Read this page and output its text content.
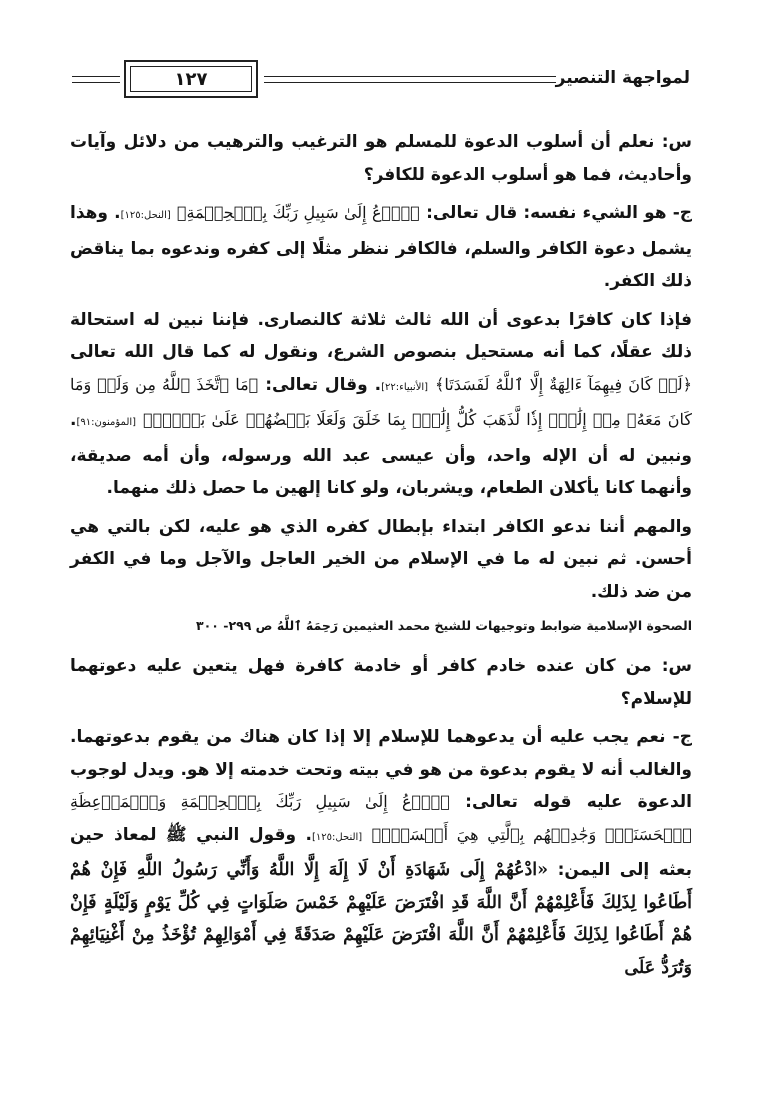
١٢٧	لمواجهة التنصير

س: نعلم أن أسلوب الدعوة للمسلم هو الترغيب والترهيب من دلائل وآيات وأحاديث، فما هو أسلوب الدعوة للكافر؟

ج- هو الشيء نفسه: قال تعالى: ﴿ٱدۡعُ إِلَىٰ سَبِيلِ رَبِّكَ بِٱلۡحِكۡمَةِ﴾ [النحل:١٢٥]. وهذا يشمل دعوة الكافر والسلم، فالكافر ننظر مثلًا إلى كفره وندعوه بما يناقض ذلك الكفر.

فإذا كان كافرًا بدعوى أن الله ثالث ثلاثة كالنصارى. فإننا نبين له استحالة ذلك عقلًا، كما أنه مستحيل بنصوص الشرع، ونقول له كما قال الله تعالى ﴿لَوۡ كَانَ فِيهِمَآ ءَالِهَةٌ إِلَّا ٱللَّهُ لَفَسَدَتَا﴾ [الأنبياء:٢٢]. وقال تعالى: ﴿مَا ٱتَّخَذَ ٱللَّهُ مِن وَلَدٖ وَمَا كَانَ مَعَهُۥ مِنۡ إِلَٰهٍۚ إِذٗا لَّذَهَبَ كُلُّ إِلَٰهِۭ بِمَا خَلَقَ وَلَعَلَا بَعۡضُهُمۡ عَلَىٰ بَعۡضٖۚ﴾ [المؤمنون:٩١]. ونبين له أن الإله واحد، وأن عيسى عبد الله ورسوله، وأن أمه صديقة، وأنهما كانا يأكلان الطعام، ويشربان، ولو كانا إلهين ما حصل ذلك منهما.

والمهم أننا ندعو الكافر ابتداء بإبطال كفره الذي هو عليه، لكن بالتي هي أحسن. ثم نبين له ما في الإسلام من الخير العاجل والآجل وما في الكفر من ضد ذلك.

الصحوة الإسلامية ضوابط وتوجيهات للشيخ محمد العثيمين رَحِمَهُ ٱللَّهُ ص ٢٩٩- ٣٠٠

س: من كان عنده خادم كافر أو خادمة كافرة فهل يتعين عليه دعوتهما للإسلام؟

ج- نعم يجب عليه أن يدعوهما للإسلام إلا إذا كان هناك من يقوم بدعوتهما. والغالب أنه لا يقوم بدعوة من هو في بيته وتحت خدمته إلا هو. ويدل لوجوب الدعوة عليه قوله تعالى: ﴿ٱدۡعُ إِلَىٰ سَبِيلِ رَبِّكَ بِٱلۡحِكۡمَةِ وَٱلۡمَوۡعِظَةِ ٱلۡحَسَنَةِۖ وَجَٰدِلۡهُم بِٱلَّتِي هِيَ أَحۡسَنُۚ﴾ [النحل:١٢٥]. وقول النبي ﷺ لمعاذ حين بعثه إلى اليمن: «ادْعُهُمْ إِلَى شَهَادَةِ أَنْ لَا إِلَهَ إِلَّا اللَّهُ وَأَنِّي رَسُولُ اللَّهِ فَإِنْ هُمْ أَطَاعُوا لِذَلِكَ فَأَعْلِمْهُمْ أَنَّ اللَّهَ قَدِ افْتَرَضَ عَلَيْهِمْ خَمْسَ صَلَوَاتٍ فِي كُلِّ يَوْمٍ وَلَيْلَةٍ فَإِنْ هُمْ أَطَاعُوا لِذَلِكَ فَأَعْلِمْهُمْ أَنَّ اللَّهَ افْتَرَضَ عَلَيْهِمْ صَدَقَةً فِي أَمْوَالِهِمْ تُؤْخَذُ مِنْ أَغْنِيَائِهِمْ وَتُرَدُّ عَلَى
